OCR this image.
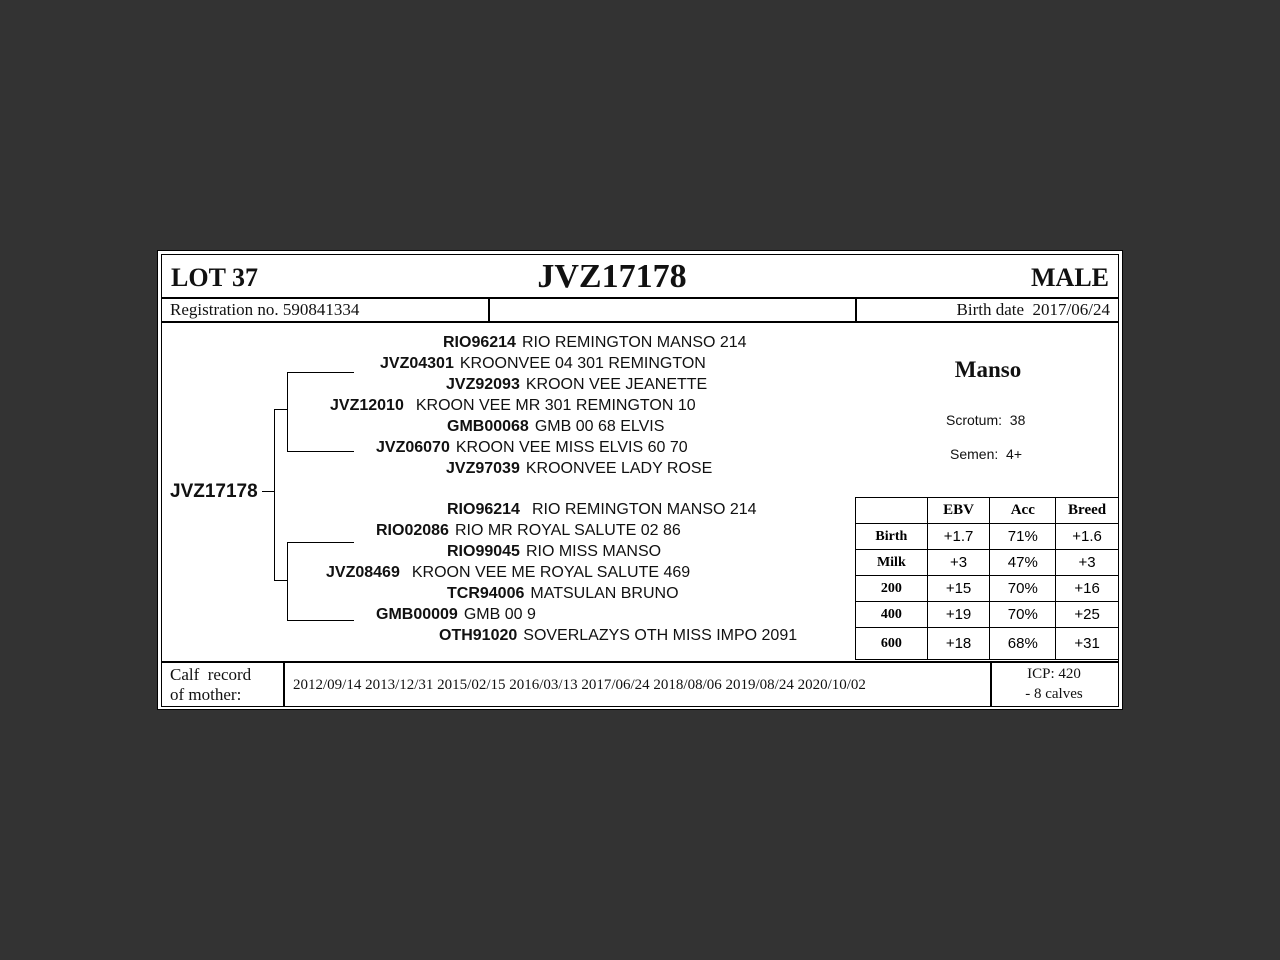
LOT 37	JVZ17178	MALE
Registration no. 590841334	Birth date  2017/06/24
JVZ17178
RIO96214 RIO REMINGTON MANSO 214
JVZ04301 KROONVEE 04 301 REMINGTON
JVZ92093 KROON VEE JEANETTE
JVZ12010 KROON VEE MR 301 REMINGTON 10
GMB00068 GMB 00 68 ELVIS
JVZ06070 KROON VEE MISS ELVIS 60 70
JVZ97039 KROONVEE LADY ROSE
RIO96214 RIO REMINGTON MANSO 214
RIO02086 RIO MR ROYAL SALUTE 02 86
RIO99045 RIO MISS MANSO
JVZ08469 KROON VEE ME ROYAL SALUTE 469
TCR94006 MATSULAN BRUNO
GMB00009 GMB 00 9
OTH91020 SOVERLAZYS OTH MISS IMPO 2091
Manso
Scrotum:  38
Semen:  4+
	EBV	Acc	Breed
Birth	+1.7	71%	+1.6
Milk	+3	47%	+3
200	+15	70%	+16
400	+19	70%	+25
600	+18	68%	+31
Calf  record
of mother:	2012/09/14 2013/12/31 2015/02/15 2016/03/13 2017/06/24 2018/08/06 2019/08/24 2020/10/02
ICP: 420
- 8 calves
